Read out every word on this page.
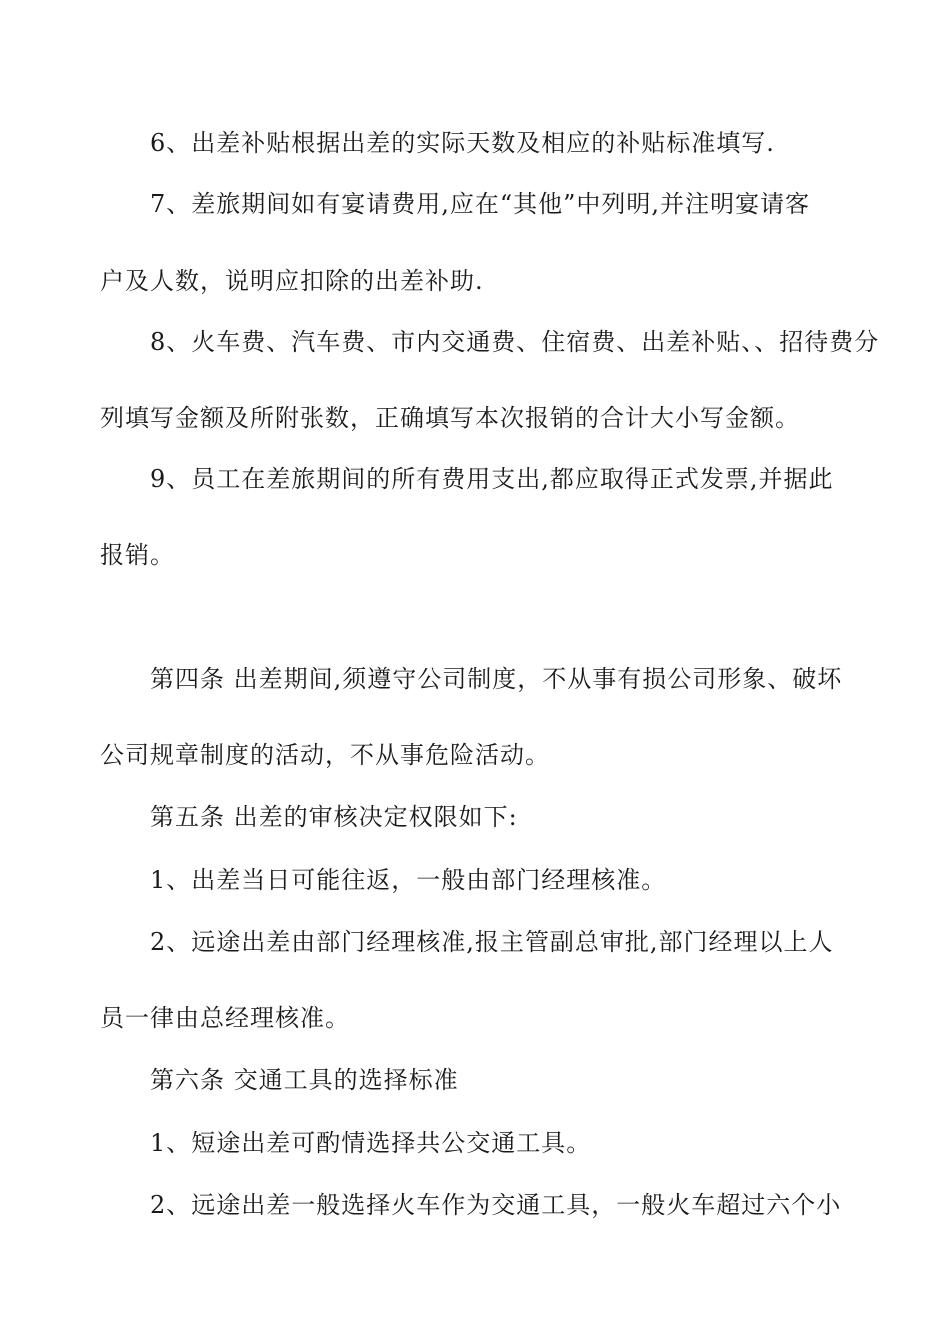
6、出差补贴根据出差的实际天数及相应的补贴标准填写.
7、差旅期间如有宴请费用,应在“其他”中列明,并注明宴请客
户及人数，说明应扣除的出差补助.
8、火车费、汽车费、市内交通费、住宿费、出差补贴、、招待费分
列填写金额及所附张数，正确填写本次报销的合计大小写金额。
9、员工在差旅期间的所有费用支出,都应取得正式发票,并据此
报销。
第四条 出差期间,须遵守公司制度，不从事有损公司形象、破坏
公司规章制度的活动，不从事危险活动。
第五条 出差的审核决定权限如下:
1、出差当日可能往返，一般由部门经理核准。
2、远途出差由部门经理核准,报主管副总审批,部门经理以上人
员一律由总经理核准。
第六条 交通工具的选择标准
1、短途出差可酌情选择共公交通工具。
2、远途出差一般选择火车作为交通工具，一般火车超过六个小
